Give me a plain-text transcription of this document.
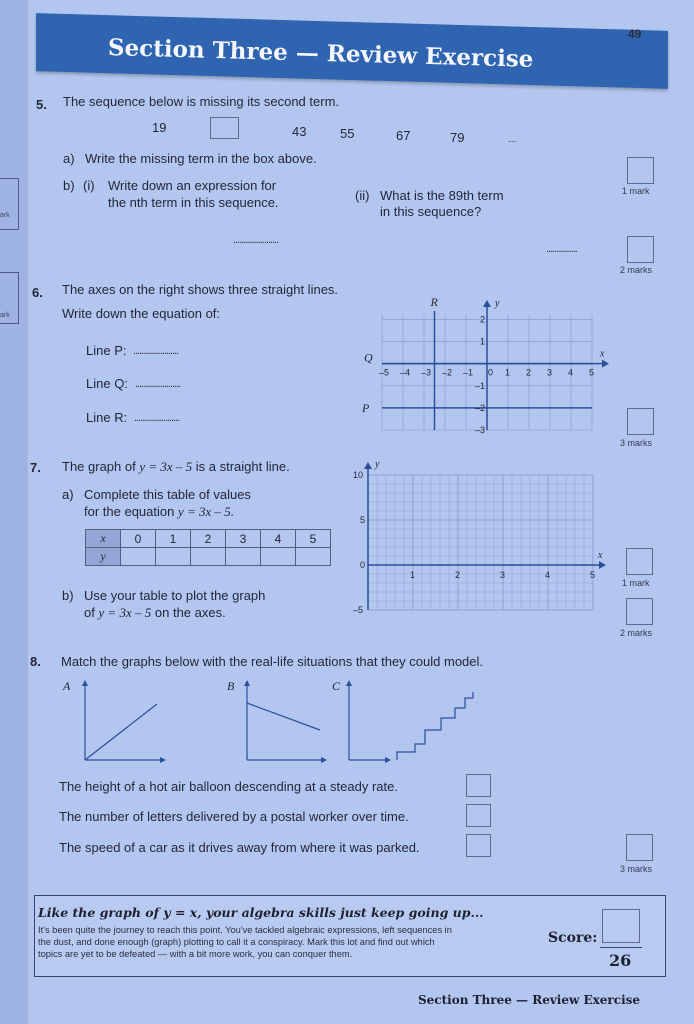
ark
ark
Section Three — Review Exercise
49
5. The sequence below is missing its second term.
19	43	55	67	79	...
a) Write the missing term in the box above.
b) (i) Write down an expression for
the nth term in this sequence.	(ii) What is the 89th term
in this sequence?
......................
...............
1 mark
2 marks
6. The axes on the right shows three straight lines.
Write down the equation of:
Line P: ......................
Line Q: ......................
Line R: ......................
–5 –4 –3 –2 –1 0 1 2 3 4 5
2
1
–1
–2
–3
P
Q
R
x
y
3 marks
7. The graph of y = 3x – 5 is a straight line.
a) Complete this table of values
for the equation y = 3x – 5.
x	0	1	2	3	4	5
y						
b) Use your table to plot the graph
of y = 3x – 5 on the axes.
1	2	3	4	5
10
5
0
–5
x
y
1 mark
2 marks
8. Match the graphs below with the real-life situations that they could model.
A	B	C
The height of a hot air balloon descending at a steady rate.
The number of letters delivered by a postal worker over time.
The speed of a car as it drives away from where it was parked.
3 marks
Like the graph of y = x, your algebra skills just keep going up...
It's been quite the journey to reach this point. You've tackled algebraic expressions, left sequences in
the dust, and done enough (graph) plotting to call it a conspiracy. Mark this lot and find out which
topics are yet to be defeated — with a bit more work, you can conquer them.
Score:
26
Section Three — Review Exercise
